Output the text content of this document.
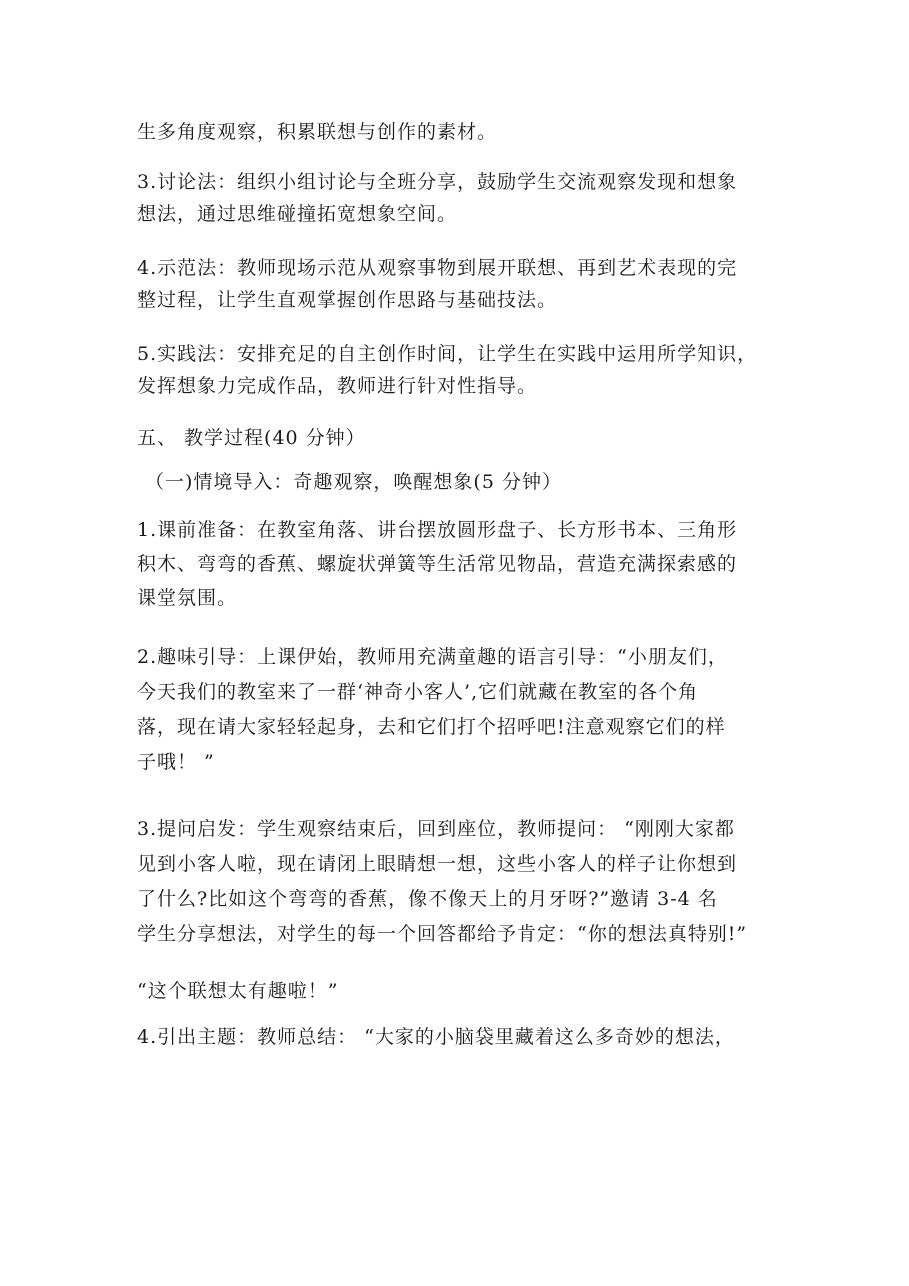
生多角度观察，积累联想与创作的素材。
3.讨论法：组织小组讨论与全班分享，鼓励学生交流观察发现和想象
想法，通过思维碰撞拓宽想象空间。
4.示范法：教师现场示范从观察事物到展开联想、再到艺术表现的完
整过程，让学生直观掌握创作思路与基础技法。
5.实践法：安排充足的自主创作时间，让学生在实践中运用所学知识，
发挥想象力完成作品，教师进行针对性指导。
五、 教学过程(40 分钟）
（一)情境导入：奇趣观察，唤醒想象(5 分钟）
1.课前准备：在教室角落、讲台摆放圆形盘子、长方形书本、三角形
积木、弯弯的香蕉、螺旋状弹簧等生活常见物品，营造充满探索感的
课堂氛围。
2.趣味引导：上课伊始，教师用充满童趣的语言引导：“小朋友们，
今天我们的教室来了一群‘神奇小客人’,它们就藏在教室的各个角
落，现在请大家轻轻起身，去和它们打个招呼吧!注意观察它们的样
子哦！ ”
3.提问启发：学生观察结束后，回到座位，教师提问： “刚刚大家都
见到小客人啦，现在请闭上眼睛想一想，这些小客人的样子让你想到
了什么?比如这个弯弯的香蕉，像不像天上的月牙呀?”邀请 3-4 名
学生分享想法，对学生的每一个回答都给予肯定：“你的想法真特别!”
“这个联想太有趣啦！”
4.引出主题：教师总结： “大家的小脑袋里藏着这么多奇妙的想法，
